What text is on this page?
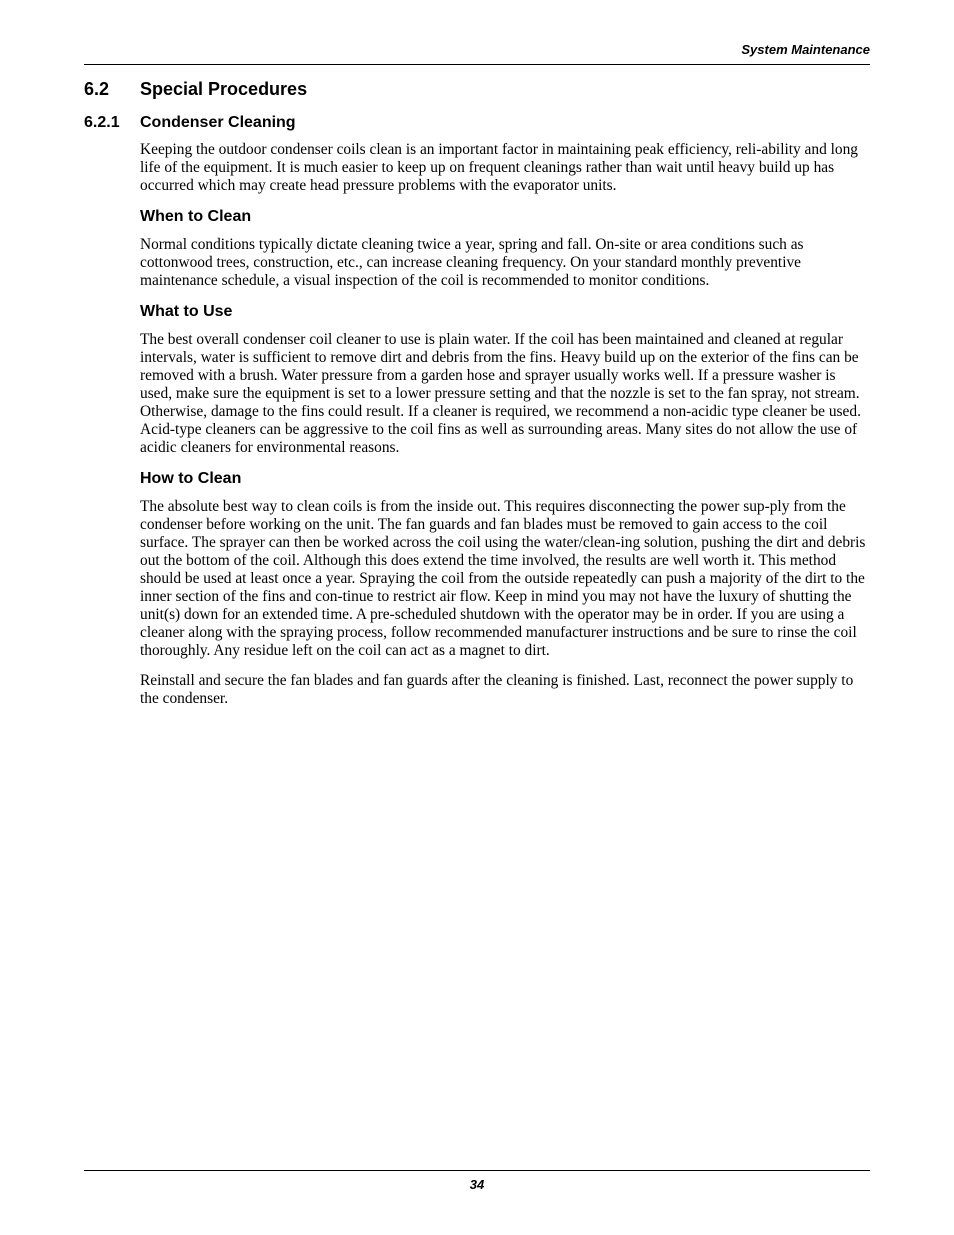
System Maintenance
6.2 Special Procedures
6.2.1 Condenser Cleaning

Keeping the outdoor condenser coils clean is an important factor in maintaining peak efficiency, reli-ability and long life of the equipment. It is much easier to keep up on frequent cleanings rather than wait until heavy build up has occurred which may create head pressure problems with the evaporator units.

When to Clean

Normal conditions typically dictate cleaning twice a year, spring and fall. On-site or area conditions such as cottonwood trees, construction, etc., can increase cleaning frequency. On your standard monthly preventive maintenance schedule, a visual inspection of the coil is recommended to monitor conditions.

What to Use

The best overall condenser coil cleaner to use is plain water. If the coil has been maintained and cleaned at regular intervals, water is sufficient to remove dirt and debris from the fins. Heavy build up on the exterior of the fins can be removed with a brush. Water pressure from a garden hose and sprayer usually works well. If a pressure washer is used, make sure the equipment is set to a lower pressure setting and that the nozzle is set to the fan spray, not stream. Otherwise, damage to the fins could result. If a cleaner is required, we recommend a non-acidic type cleaner be used. Acid-type cleaners can be aggressive to the coil fins as well as surrounding areas. Many sites do not allow the use of acidic cleaners for environmental reasons.

How to Clean

The absolute best way to clean coils is from the inside out. This requires disconnecting the power sup-ply from the condenser before working on the unit. The fan guards and fan blades must be removed to gain access to the coil surface. The sprayer can then be worked across the coil using the water/clean-ing solution, pushing the dirt and debris out the bottom of the coil. Although this does extend the time involved, the results are well worth it. This method should be used at least once a year. Spraying the coil from the outside repeatedly can push a majority of the dirt to the inner section of the fins and con-tinue to restrict air flow. Keep in mind you may not have the luxury of shutting the unit(s) down for an extended time. A pre-scheduled shutdown with the operator may be in order. If you are using a cleaner along with the spraying process, follow recommended manufacturer instructions and be sure to rinse the coil thoroughly. Any residue left on the coil can act as a magnet to dirt.

Reinstall and secure the fan blades and fan guards after the cleaning is finished. Last, reconnect the power supply to the condenser.

34
